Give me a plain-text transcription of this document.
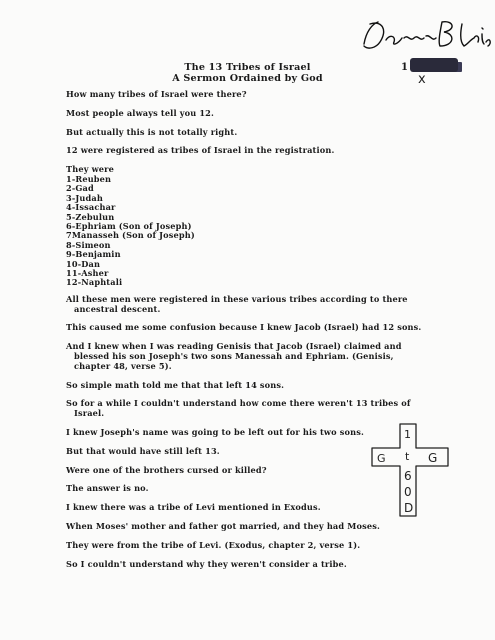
1
x
The 13 Tribes of Israel
A Sermon Ordained by God

How many tribes of Israel were there?

Most people always tell you 12.

But actually this is not totally right.

12 were registered as tribes of Israel in the registration.

They were
1-Reuben
2-Gad
3-Judah
4-Issachar
5-Zebulun
6-Ephriam (Son of Joseph)
7Manasseh (Son of Joseph)
8-Simeon
9-Benjamin
10-Dan
11-Asher
12-Naphtali

All these men were registered in these various tribes according to there ancestral descent.

This caused me some confusion because I knew Jacob (Israel) had 12 sons.

And I knew when I was reading Genisis that Jacob (Israel) claimed and blessed his son Joseph's two sons Manessah and Ephriam. (Genisis, chapter 48, verse 5).

So simple math told me that that left 14 sons.

So for a while I couldn't understand how come there weren't 13 tribes of Israel.

I knew Joseph's name was going to be left out for his two sons.

But that would have still left 13.

Were one of the brothers cursed or killed?

The answer is no.

I knew there was a tribe of Levi mentioned in Exodus.

When Moses' mother and father got married, and they had Moses.

They were from the tribe of Levi. (Exodus, chapter 2, verse 1).

So I couldn't understand why they weren't consider a tribe.

G	G
1
t
6
0
D
